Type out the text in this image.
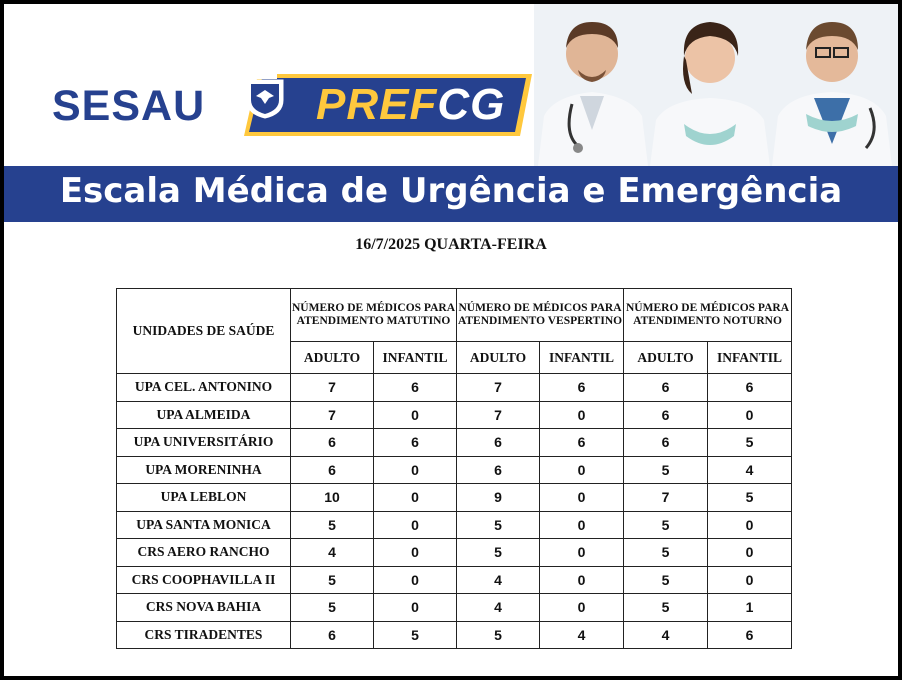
SESAU	PREFCG
Escala Médica de Urgência e Emergência
16/7/2025 QUARTA-FEIRA
UNIDADES DE SAÚDE	NÚMERO DE MÉDICOS PARA ATENDIMENTO MATUTINO		NÚMERO DE MÉDICOS PARA ATENDIMENTO VESPERTINO		NÚMERO DE MÉDICOS PARA ATENDIMENTO NOTURNO	
	ADULTO	INFANTIL	ADULTO	INFANTIL	ADULTO	INFANTIL
UPA CEL. ANTONINO	7	6	7	6	6	6
UPA ALMEIDA	7	0	7	0	6	0
UPA UNIVERSITÁRIO	6	6	6	6	6	5
UPA MORENINHA	6	0	6	0	5	4
UPA LEBLON	10	0	9	0	7	5
UPA SANTA MONICA	5	0	5	0	5	0
CRS AERO RANCHO	4	0	5	0	5	0
CRS COOPHAVILLA II	5	0	4	0	5	0
CRS NOVA BAHIA	5	0	4	0	5	1
CRS TIRADENTES	6	5	5	4	4	6
